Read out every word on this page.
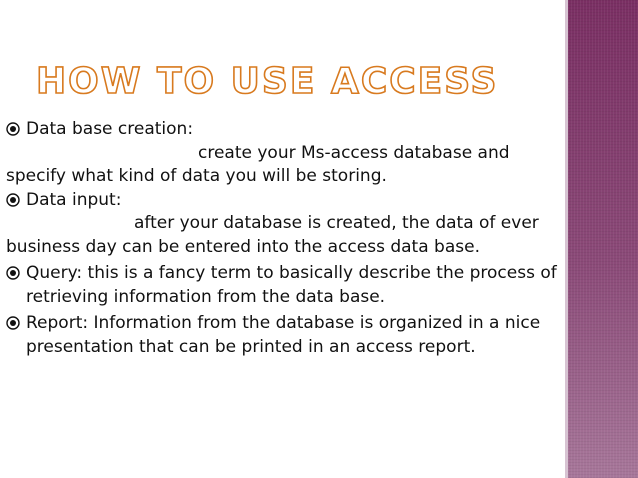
HOW TO USE ACCESS
Data base creation:

create your Ms-access database and specify what kind of data you will be storing.

Data input:

after your database is created, the data of ever business day can be entered into the access data base.

Query: this is a fancy term to basically describe the process of retrieving information from the data base.
Report: Information from the database is organized in a nice presentation that can be printed in an access report.
